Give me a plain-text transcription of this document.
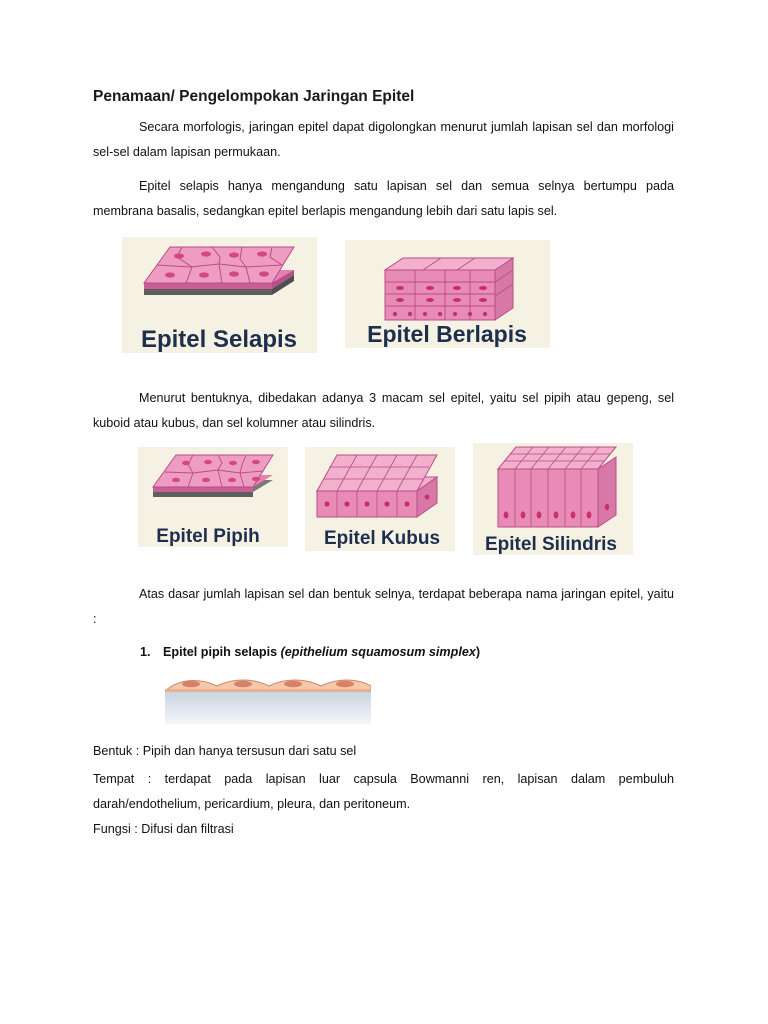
Penamaan/ Pengelompokan Jaringan Epitel
Secara morfologis, jaringan epitel dapat digolongkan menurut jumlah lapisan sel dan morfologi sel-sel dalam lapisan permukaan.
Epitel selapis hanya mengandung satu lapisan sel dan semua selnya bertumpu pada membrana basalis, sedangkan epitel berlapis mengandung lebih dari satu lapis sel.
Epitel Selapis	Epitel Berlapis
Menurut bentuknya, dibedakan adanya 3 macam sel epitel, yaitu sel pipih atau gepeng, sel kuboid atau kubus, dan sel kolumner atau silindris.
Epitel Pipih	Epitel Kubus Epitel Silindris
Atas dasar jumlah lapisan sel dan bentuk selnya, terdapat beberapa nama jaringan epitel, yaitu :
1. Epitel pipih selapis (epithelium squamosum simplex)
Bentuk : Pipih dan hanya tersusun dari satu sel
Tempat : terdapat pada lapisan luar capsula Bowmanni ren, lapisan dalam pembuluh darah/endothelium, pericardium, pleura, dan peritoneum.
Fungsi : Difusi dan filtrasi
